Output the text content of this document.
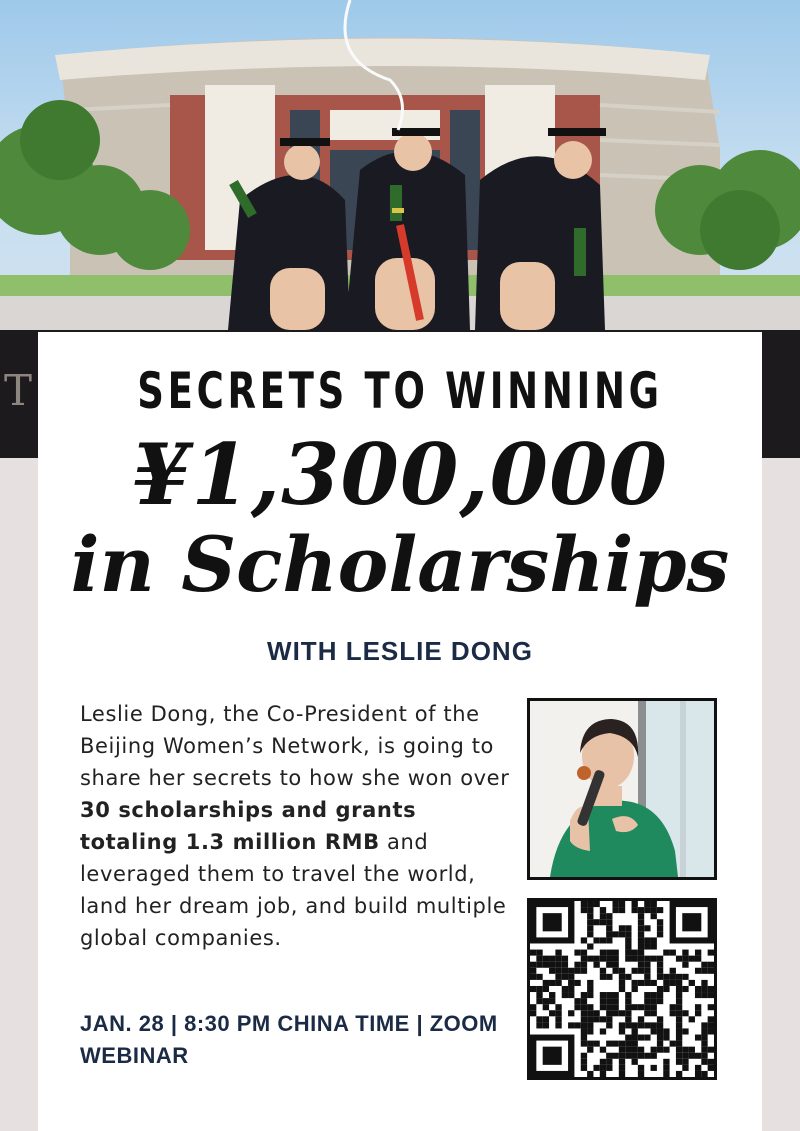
T SECRETS TO WINNING
¥1,300,000
in Scholarships
WITH LESLIE DONG
Leslie Dong, the Co-President of the Beijing Women’s Network, is going to share her secrets to how she won over 30 scholarships and grants totaling 1.3 million RMB and leveraged them to travel the world, land her dream job, and build multiple global companies.
JAN. 28 | 8:30 PM CHINA TIME | ZOOM WEBINAR
